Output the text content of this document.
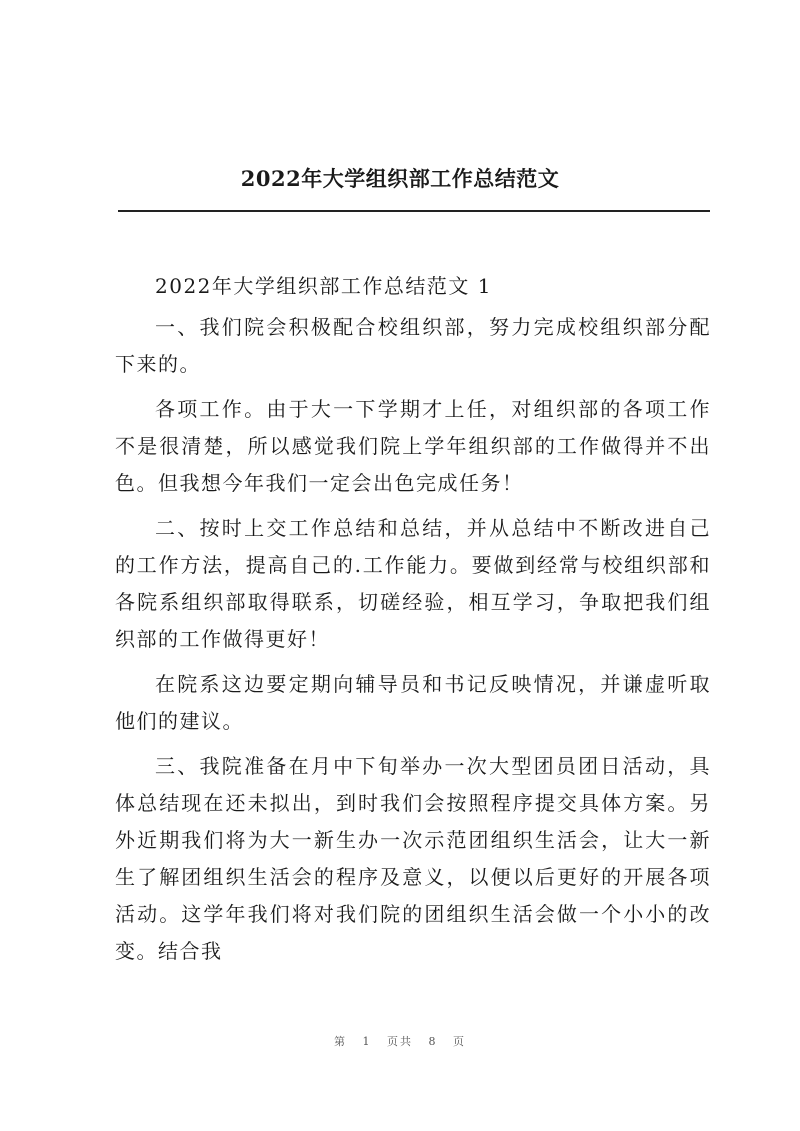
2022年大学组织部工作总结范文

2022年大学组织部工作总结范文 1

一、我们院会积极配合校组织部，努力完成校组织部分配下来的。

各项工作。由于大一下学期才上任，对组织部的各项工作不是很清楚，所以感觉我们院上学年组织部的工作做得并不出色。但我想今年我们一定会出色完成任务！

二、按时上交工作总结和总结，并从总结中不断改进自己的工作方法，提高自己的.工作能力。要做到经常与校组织部和各院系组织部取得联系，切磋经验，相互学习，争取把我们组织部的工作做得更好！

在院系这边要定期向辅导员和书记反映情况，并谦虚听取他们的建议。

三、我院准备在月中下旬举办一次大型团员团日活动，具体总结现在还未拟出，到时我们会按照程序提交具体方案。另外近期我们将为大一新生办一次示范团组织生活会，让大一新生了解团组织生活会的程序及意义，以便以后更好的开展各项活动。这学年我们将对我们院的团组织生活会做一个小小的改变。结合我

第 1 页共 8 页
